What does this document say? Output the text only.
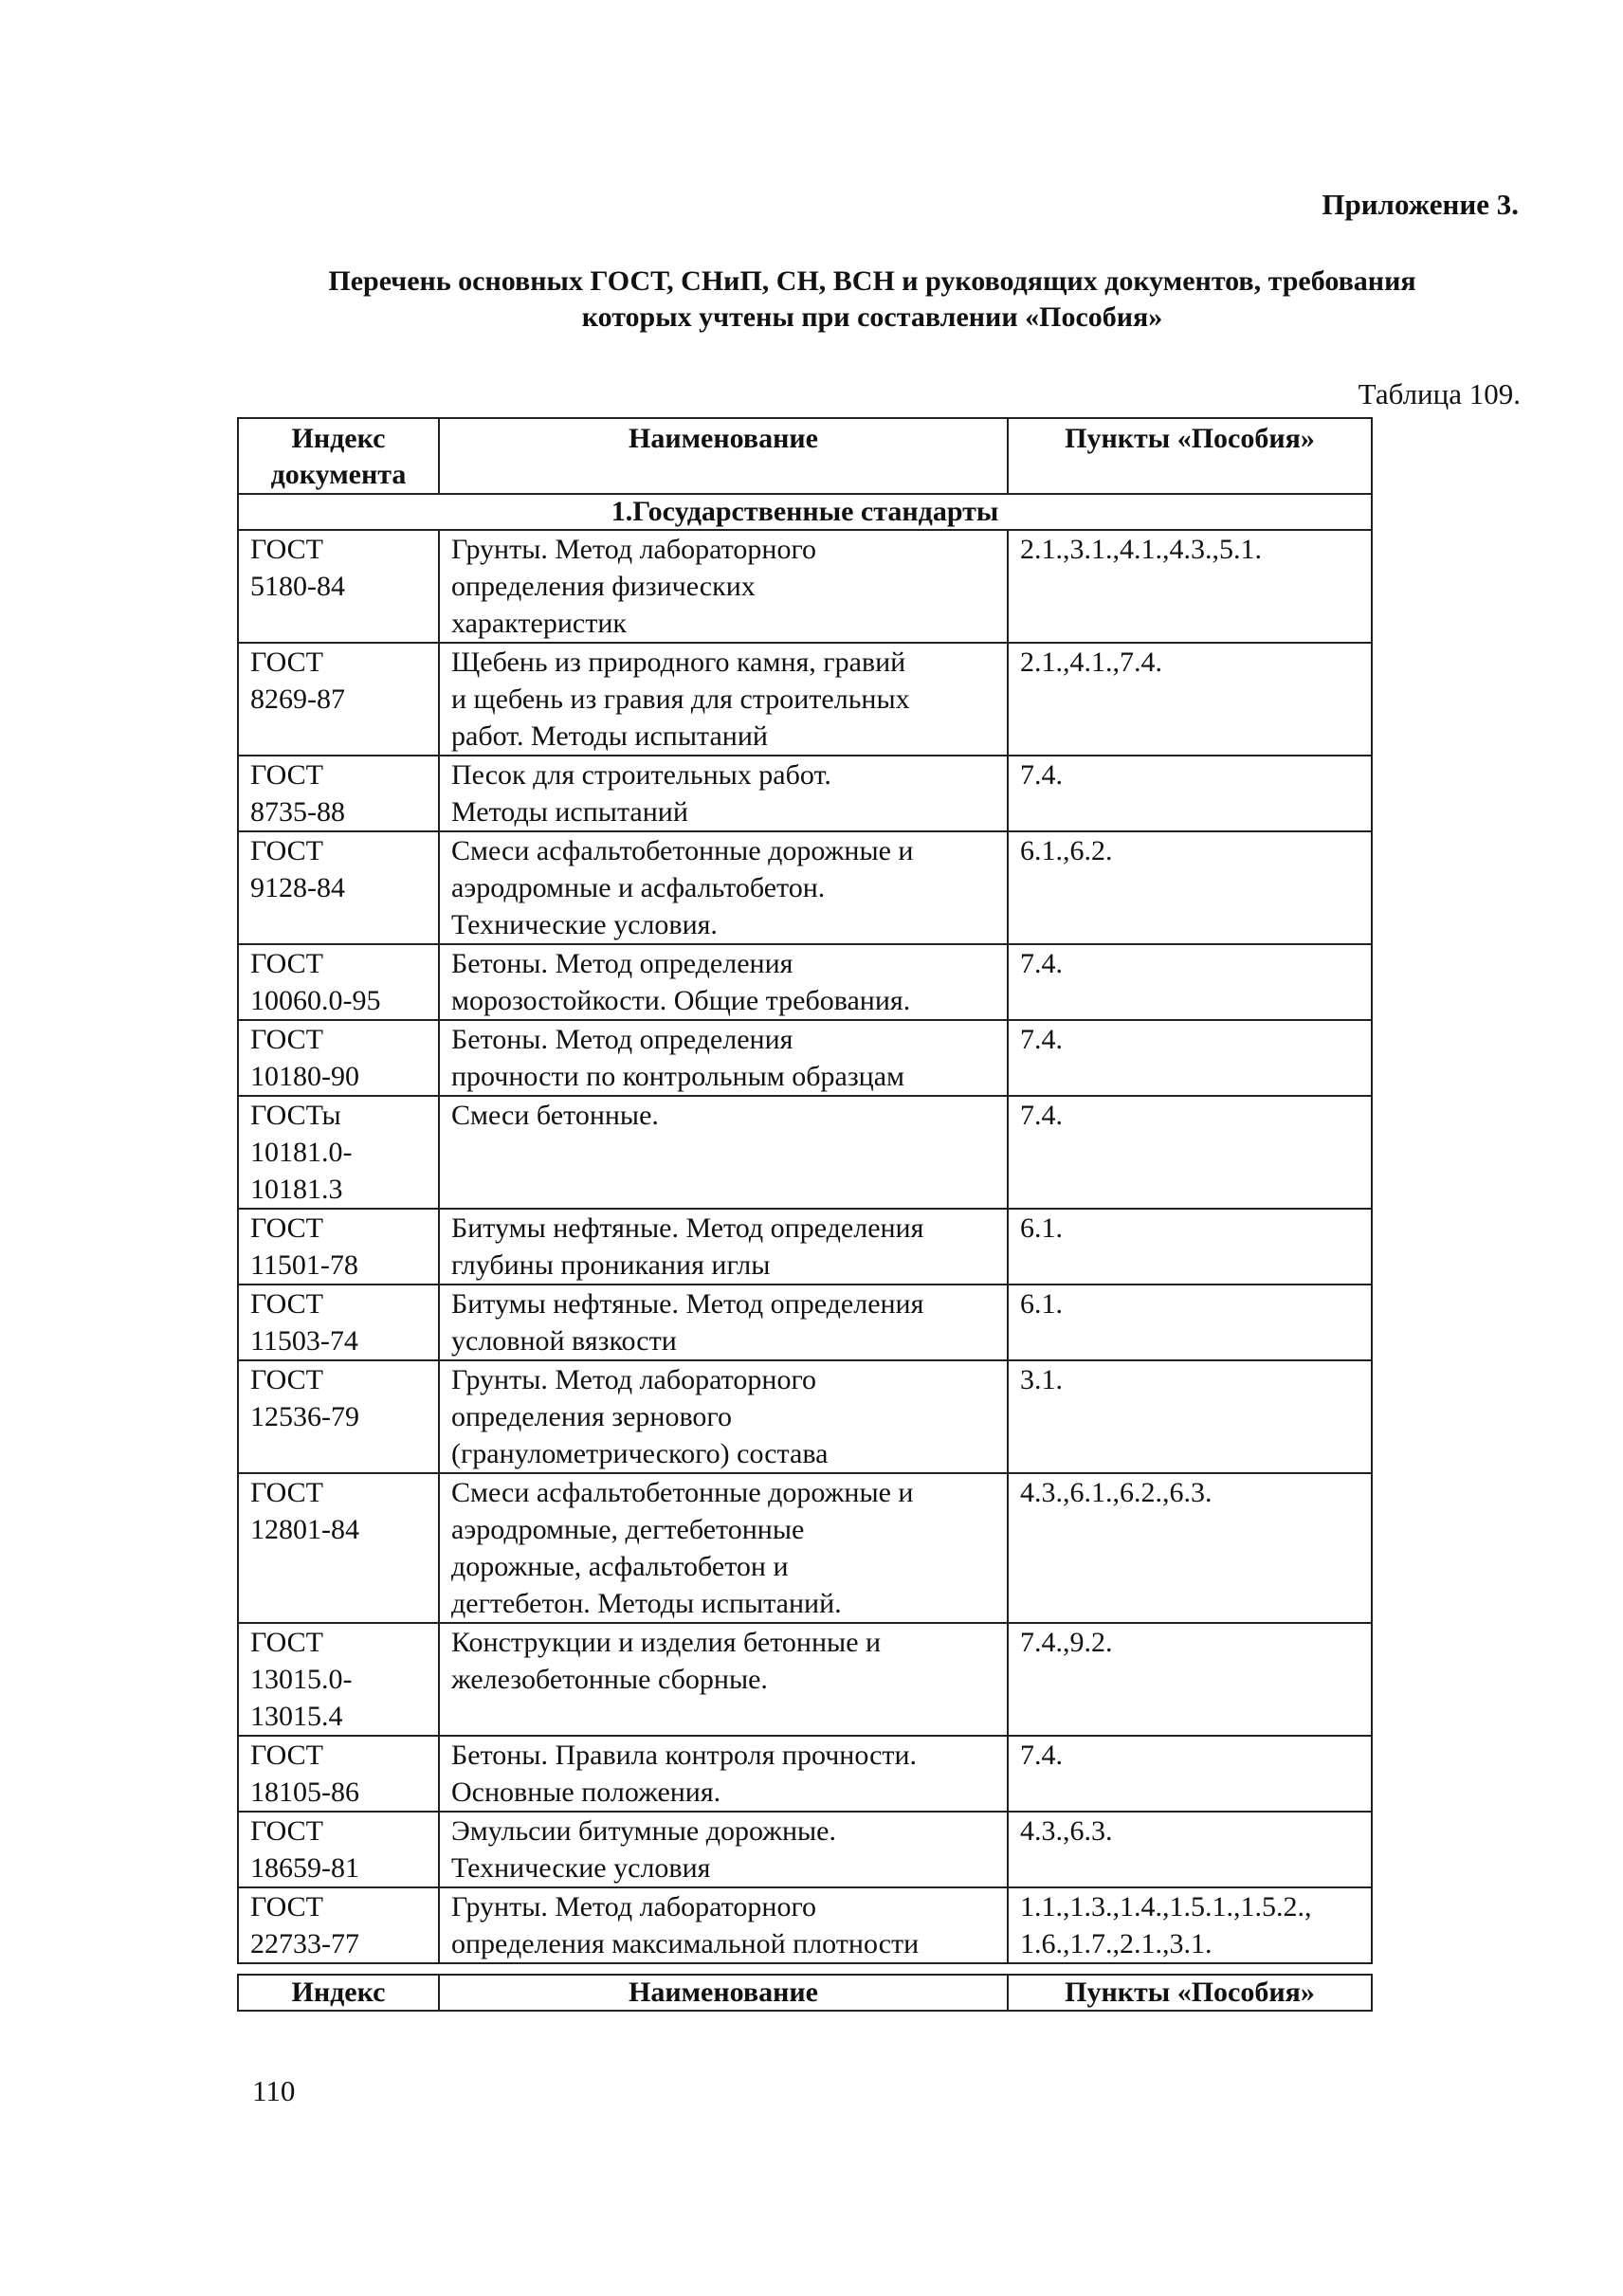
Приложение 3.
Перечень основных ГОСТ, СНиП, СН, ВСН и руководящих документов, требования
которых учтены при составлении «Пособия»
Таблица 109.
Индекс
документа	Наименование	Пункты «Пособия»
1.Государственные стандарты		

ГОСТ
5180-84	Грунты. Метод лабораторного
определения физических
характеристик	2.1.,3.1.,4.1.,4.3.,5.1.

ГОСТ
8269-87	Щебень из природного камня, гравий
и щебень из гравия для строительных
работ. Методы испытаний	2.1.,4.1.,7.4.

ГОСТ
8735-88	Песок для строительных работ.
Методы испытаний	7.4.

ГОСТ
9128-84	Смеси асфальтобетонные дорожные и
аэродромные и асфальтобетон.
Технические условия.	6.1.,6.2.

ГОСТ
10060.0-95	Бетоны. Метод определения
морозостойкости. Общие требования.	7.4.

ГОСТ
10180-90	Бетоны. Метод определения
прочности по контрольным образцам	7.4.

ГОСТы
10181.0-
10181.3	Смеси бетонные.	7.4.

ГОСТ
11501-78	Битумы нефтяные. Метод определения
глубины проникания иглы	6.1.

ГОСТ
11503-74	Битумы нефтяные. Метод определения
условной вязкости	6.1.

ГОСТ
12536-79	Грунты. Метод лабораторного
определения зернового
(гранулометрического) состава	3.1.

ГОСТ
12801-84	Смеси асфальтобетонные дорожные и
аэродромные, дегтебетонные
дорожные, асфальтобетон и
дегтебетон. Методы испытаний.	4.3.,6.1.,6.2.,6.3.

ГОСТ
13015.0-
13015.4	Конструкции и изделия бетонные и
железобетонные сборные.	7.4.,9.2.

ГОСТ
18105-86	Бетоны. Правила контроля прочности.
Основные положения.	7.4.

ГОСТ
18659-81	Эмульсии битумные дорожные.
Технические условия	4.3.,6.3.

ГОСТ
22733-77	Грунты. Метод лабораторного
определения максимальной плотности	1.1.,1.3.,1.4.,1.5.1.,1.5.2.,
1.6.,1.7.,2.1.,3.1.
Индекс	Наименование	Пункты «Пособия»
110
